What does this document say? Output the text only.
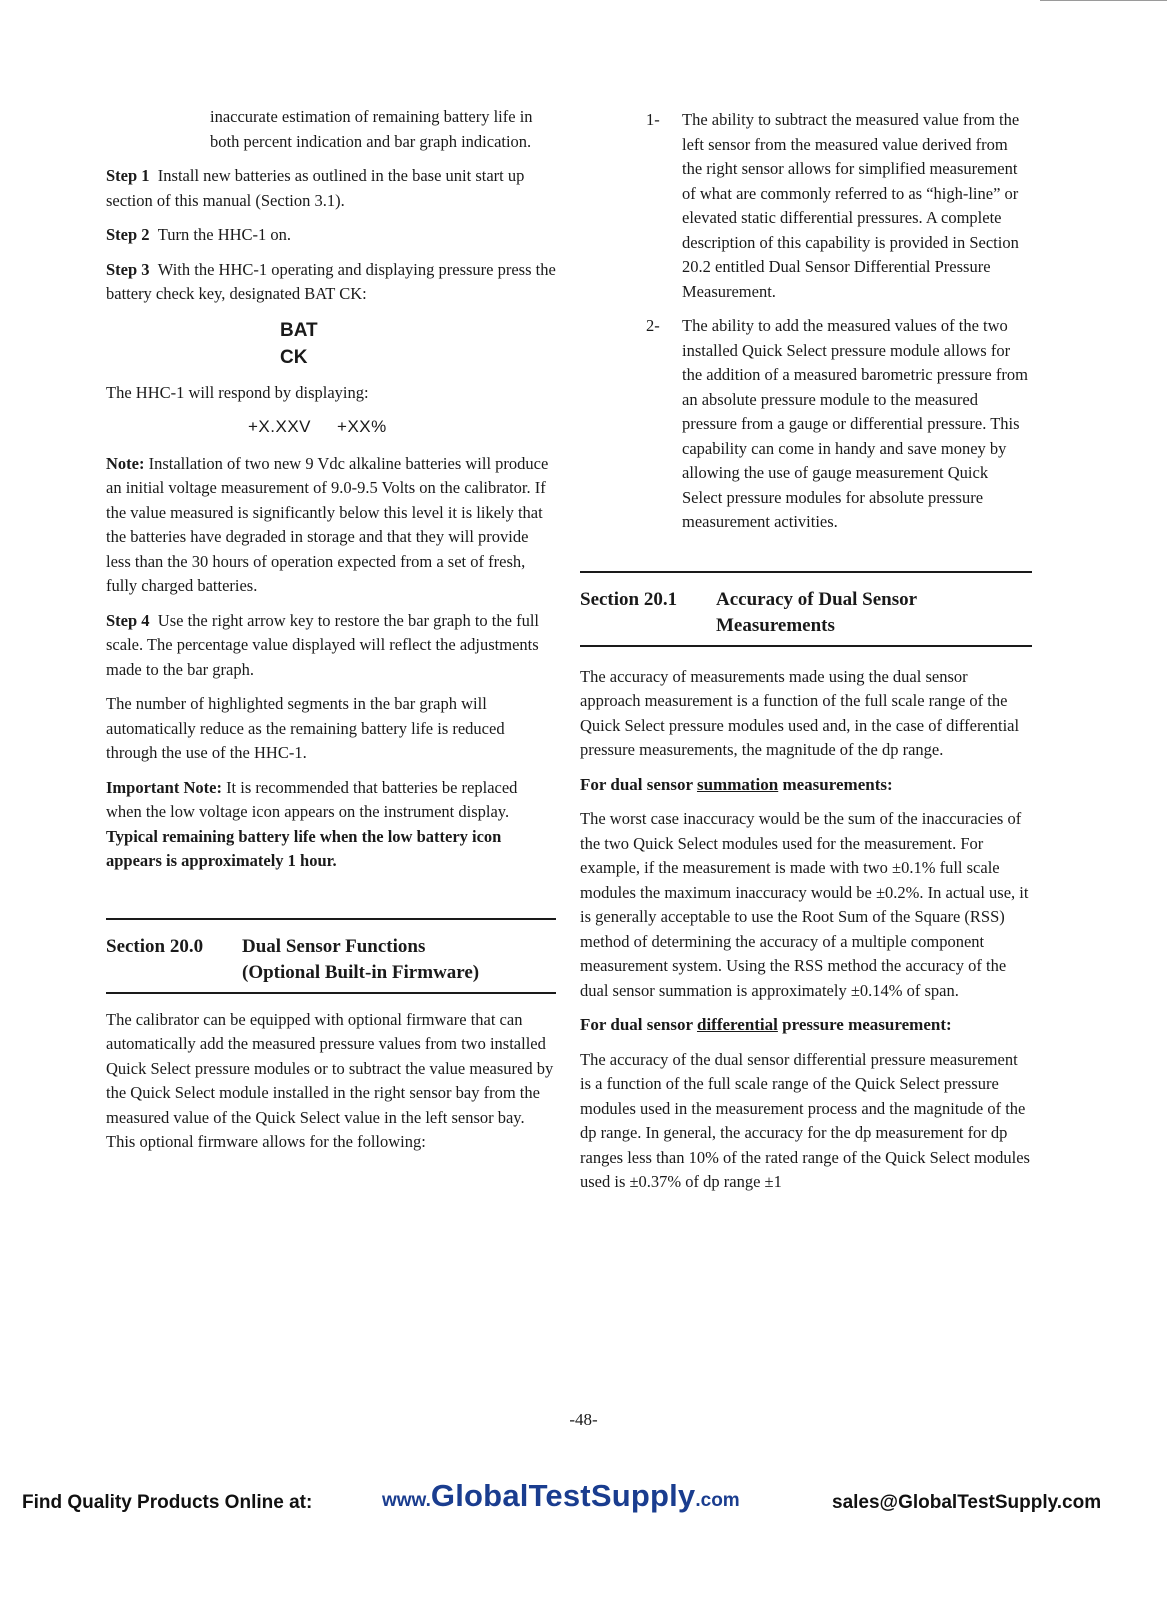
inaccurate estimation of remaining battery life in both percent indication and bar graph indication.

Step 1 Install new batteries as outlined in the base unit start up section of this manual (Section 3.1).

Step 2 Turn the HHC-1 on.

Step 3 With the HHC-1 operating and displaying pressure press the battery check key, designated BAT CK:

BAT
CK

The HHC-1 will respond by displaying:

+X.XXV +XX%

Note: Installation of two new 9 Vdc alkaline batteries will produce an initial voltage measurement of 9.0-9.5 Volts on the calibrator. If the value measured is significantly below this level it is likely that the batteries have degraded in storage and that they will provide less than the 30 hours of operation expected from a set of fresh, fully charged batteries.

Step 4 Use the right arrow key to restore the bar graph to the full scale. The percentage value displayed will reflect the adjustments made to the bar graph.

The number of highlighted segments in the bar graph will automatically reduce as the remaining battery life is reduced through the use of the HHC-1.

Important Note: It is recommended that batteries be replaced when the low voltage icon appears on the instrument display. Typical remaining battery life when the low battery icon appears is approximately 1 hour.

Section 20.0 Dual Sensor Functions
(Optional Built-in Firmware)

The calibrator can be equipped with optional firmware that can automatically add the measured pressure values from two installed Quick Select pressure modules or to subtract the value measured by the Quick Select module installed in the right sensor bay from the measured value of the Quick Select value in the left sensor bay. This optional firmware allows for the following:

1-	The ability to subtract the measured value from the left sensor from the measured value derived from the right sensor allows for simplified measurement of what are commonly referred to as “high-line” or elevated static differential pressures. A complete description of this capability is provided in Section 20.2 entitled Dual Sensor Differential Pressure Measurement.

2-	The ability to add the measured values of the two installed Quick Select pressure module allows for the addition of a measured barometric pressure from an absolute pressure module to the measured pressure from a gauge or differential pressure. This capability can come in handy and save money by allowing the use of gauge measurement Quick Select pressure modules for absolute pressure measurement activities.

Section 20.1 Accuracy of Dual Sensor
Measurements

The accuracy of measurements made using the dual sensor approach measurement is a function of the full scale range of the Quick Select pressure modules used and, in the case of differential pressure measurements, the magnitude of the dp range.

For dual sensor summation measurements:

The worst case inaccuracy would be the sum of the inaccuracies of the two Quick Select modules used for the measurement. For example, if the measurement is made with two ±0.1% full scale modules the maximum inaccuracy would be ±0.2%. In actual use, it is generally acceptable to use the Root Sum of the Square (RSS) method of determining the accuracy of a multiple component measurement system. Using the RSS method the accuracy of the dual sensor summation is approximately ±0.14% of span.

For dual sensor differential pressure measurement:

The accuracy of the dual sensor differential pressure measurement is a function of the full scale range of the Quick Select pressure modules used in the measurement process and the magnitude of the dp range. In general, the accuracy for the dp measurement for dp ranges less than 10% of the rated range of the Quick Select modules used is ±0.37% of dp range ±1

-48-
Find Quality Products Online at:	www.GlobalTestSupply.com	sales@GlobalTestSupply.com
